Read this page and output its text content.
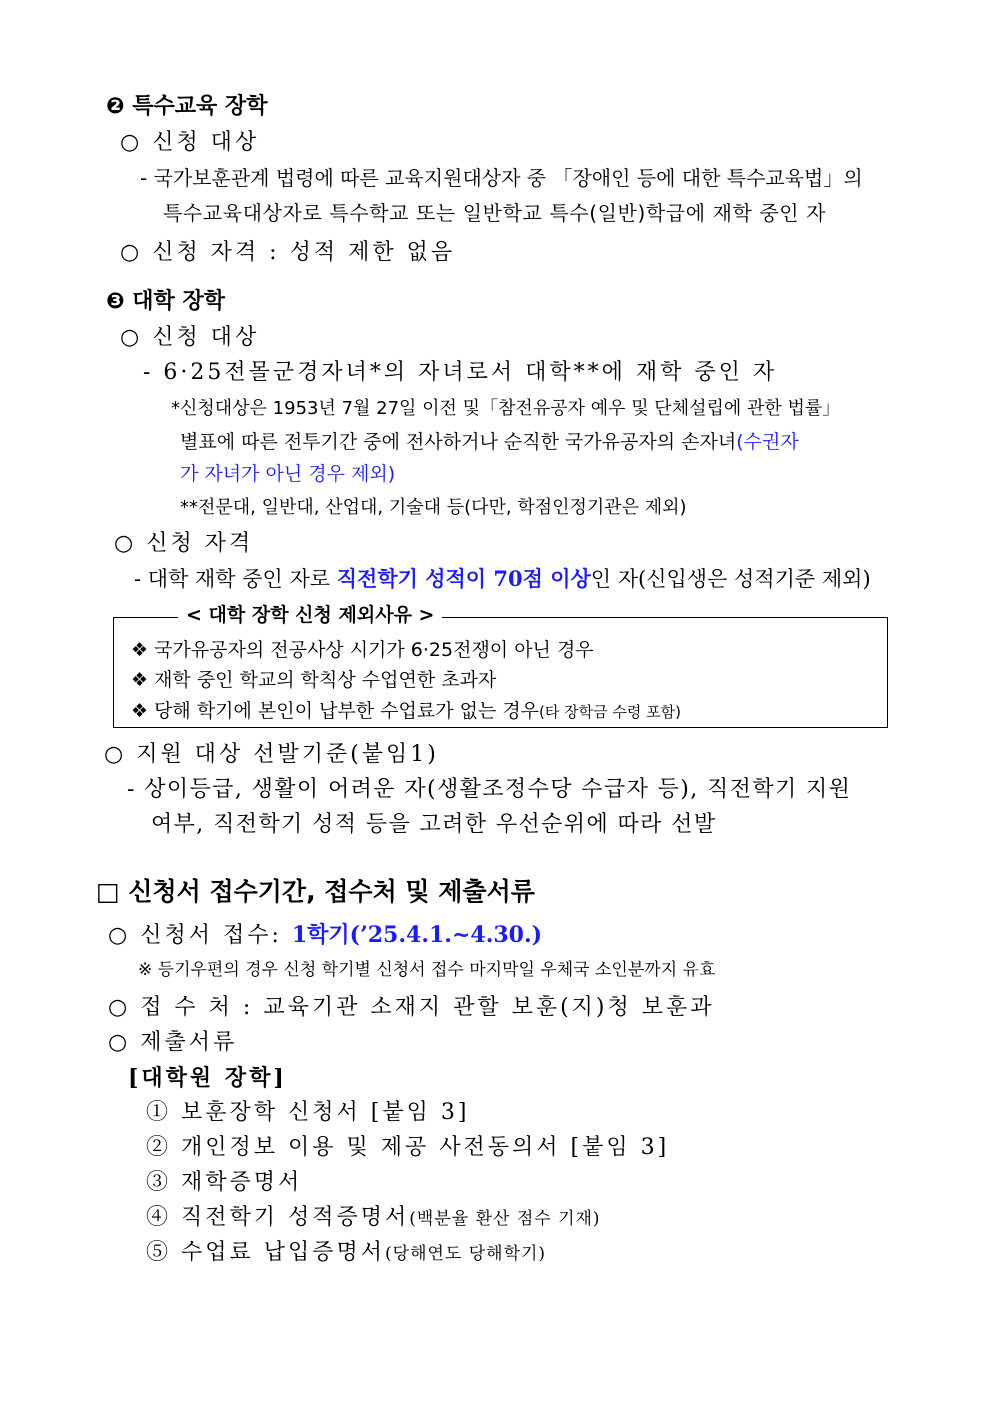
❷ 특수교육 장학
○ 신청 대상
- 국가보훈관계 법령에 따른 교육지원대상자 중 「장애인 등에 대한 특수교육법」의
특수교육대상자로 특수학교 또는 일반학교 특수(일반)학급에 재학 중인 자
○ 신청 자격 : 성적 제한 없음
❸ 대학 장학
○ 신청 대상
- 6·25전몰군경자녀*의 자녀로서 대학**에 재학 중인 자
*신청대상은 1953년 7월 27일 이전 및「참전유공자 예우 및 단체설립에 관한 법률」
별표에 따른 전투기간 중에 전사하거나 순직한 국가유공자의 손자녀(수권자
가 자녀가 아닌 경우 제외)
**전문대, 일반대, 산업대, 기술대 등(다만, 학점인정기관은 제외)
○ 신청 자격
- 대학 재학 중인 자로 직전학기 성적이 70점 이상인 자(신입생은 성적기준 제외)
< 대학 장학 신청 제외사유 >
❖ 국가유공자의 전공사상 시기가 6·25전쟁이 아닌 경우
❖ 재학 중인 학교의 학칙상 수업연한 초과자
❖ 당해 학기에 본인이 납부한 수업료가 없는 경우(타 장학금 수령 포함)
○ 지원 대상 선발기준(붙임1)
- 상이등급, 생활이 어려운 자(생활조정수당 수급자 등), 직전학기 지원
여부, 직전학기 성적 등을 고려한 우선순위에 따라 선발
□ 신청서 접수기간, 접수처 및 제출서류
○ 신청서 접수: 1학기(’25.4.1.~4.30.)
※ 등기우편의 경우 신청 학기별 신청서 접수 마지막일 우체국 소인분까지 유효
○ 접 수 처 : 교육기관 소재지 관할 보훈(지)청 보훈과
○ 제출서류
[대학원 장학]
① 보훈장학 신청서 [붙임 3]
② 개인정보 이용 및 제공 사전동의서 [붙임 3]
③ 재학증명서
④ 직전학기 성적증명서(백분율 환산 점수 기재)
⑤ 수업료 납입증명서(당해연도 당해학기)
